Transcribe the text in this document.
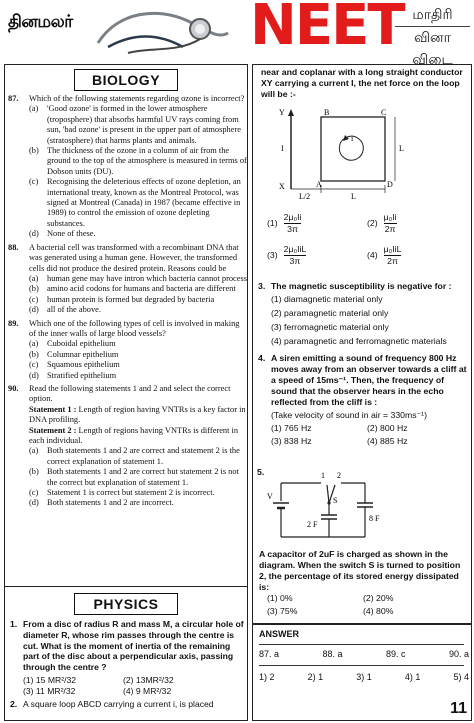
தினமலர்	NEET மாதிரி
வினா விடை
BIOLOGY
87. Which of the following statements regarding ozone is incorrect?
(a) 'Good ozone' is formed in the lower atmosphere (troposphere) that absorbs harmful UV rays coming from sun, 'bad ozone' is present in the upper part of atmosphere (stratosphere) that harms plants and animals.
(b) The thickness of the ozone in a column of air from the ground to the top of the atmosphere is measured in terms of Dobson units (DU).
(c) Recognising the deleterious effects of ozone depletion, an international treaty, known as the Montreal Protocol, was signed at Montreal (Canada) in 1987 (became effective in 1989) to control the emission of ozone depleting substances.
(d) None of these.
88. A bacterial cell was transformed with a recombinant DNA that was generated using a human gene. However, the transformed cells did not produce the desired protein. Reasons could be
(a) human gene may have intron which bacteria cannot process
(b) amino acid codons for humans and bacteria are different
(c) human protein is formed but degraded by bacteria
(d) all of the above.
89. Which one of the following types of cell is involved in making of the inner walls of large blood vessels?
(a) Cuboidal epithelium
(b) Columnar epithelium
(c) Squamous epithelium
(d) Stratified epithelium
90. Read the following statements 1 and 2 and select the correct option.
Statement 1 : Length of region having VNTRs is a key factor in DNA profiling.
Statement 2 : Length of regions having VNTRs is different in each individual.
(a) Both statements 1 and 2 are correct and statement 2 is the correct explanation of statement 1.
(b) Both statements 1 and 2 are correct but statement 2 is not the correct but explanation of statement 1.
(c) Statement 1 is correct but statement 2 is incorrect.
(d) Both statements 1 and 2 are incorrect.
PHYSICS
1. From a disc of radius R and mass M, a circular hole of diameter R, whose rim passes through the centre is cut. What is the moment of inertia of the remaining part of the disc about a perpendicular axis, passing through the centre ?
(1) 15 MR²/32	(2) 13MR²/32
(3) 11 MR²/32	(4) 9 MR²/32
2. A square loop ABCD carrying a current i, is placed
near and coplanar with a long straight conductor XY carrying a current I, the net force on the loop will be :-
Y
X
I
B	C
A	D
i
L
L/2	L
$(1) \frac{\text{2μ₀Ii}}{3\pi}$	$(2) \frac{\text{μ₀Ii}}{2\pi}$
(3)
2μ₀IiL
3π
(4)
μ₀IiL
2π
3. The magnetic susceptibility is negative for :
(1) diamagnetic material only
(2) paramagnetic material only
(3) ferromagnetic material only
(4) paramagnetic and ferromagnetic materials
4. A siren emitting a sound of frequency 800 Hz moves away from an observer towards a cliff at a speed of 15ms⁻¹. Then, the frequency of sound that the observer hears in the echo reflected from the cliff is :
(Take velocity of sound in air = 330ms⁻¹)
(1) 765 Hz	(2) 800 Hz
(3) 838 Hz	(4) 885 Hz
5.	1 2
S
V
2 F
8 F
A capacitor of 2uF is charged as shown in the diagram. When the switch S is turned to position 2, the percentage of its stored energy dissipated is:
(1) 0%	(2) 20%
(3) 75%	(4) 80%
ANSWER
87. a	88. a	89. c	90. a
1) 2	2) 1	3) 1	4) 1	5) 4
11
